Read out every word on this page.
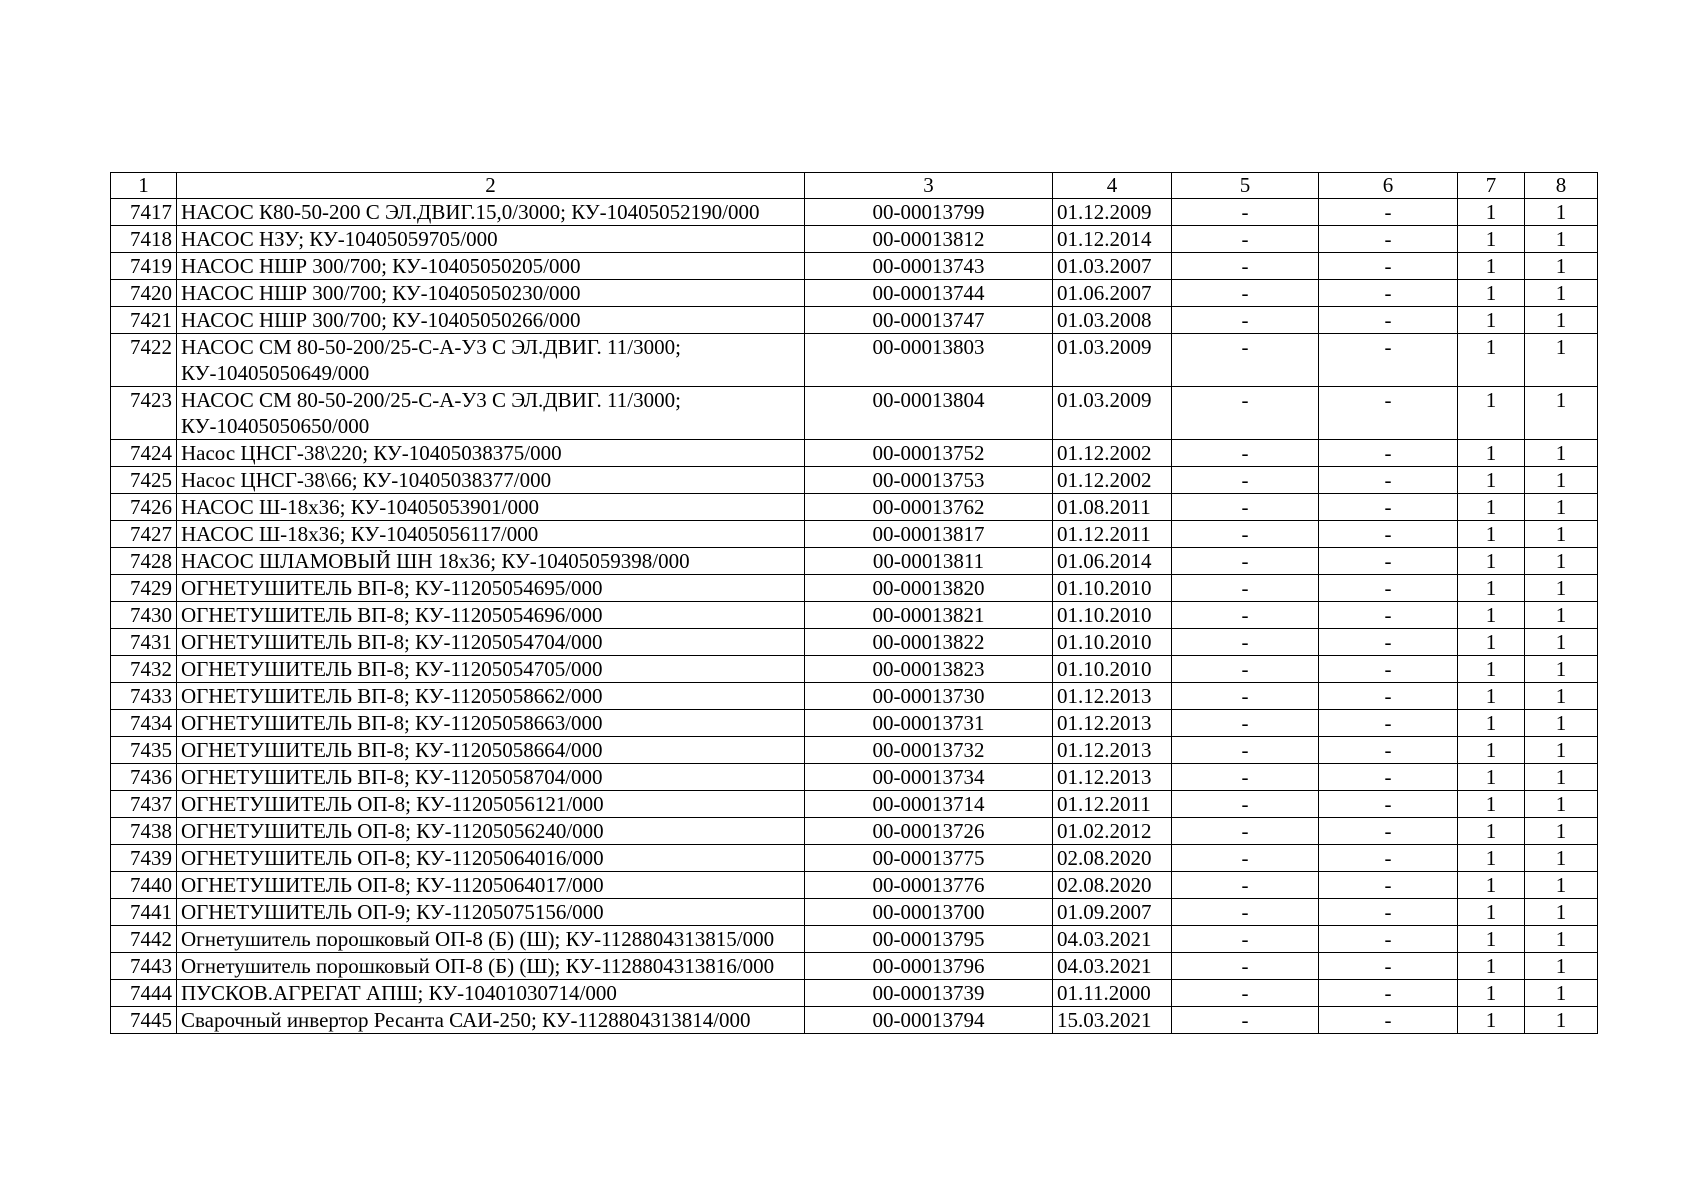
1	2	3	4	5	6	7	8
7417	НАСОС К80-50-200 С ЭЛ.ДВИГ.15,0/3000; КУ-10405052190/000	00-00013799	01.12.2009	-	-	1	1
7418	НАСОС НЗУ; КУ-10405059705/000	00-00013812	01.12.2014	-	-	1	1
7419	НАСОС НШР 300/700; КУ-10405050205/000	00-00013743	01.03.2007	-	-	1	1
7420	НАСОС НШР 300/700; КУ-10405050230/000	00-00013744	01.06.2007	-	-	1	1
7421	НАСОС НШР 300/700; КУ-10405050266/000	00-00013747	01.03.2008	-	-	1	1
7422	НАСОС СМ 80-50-200/25-С-А-У3 С ЭЛ.ДВИГ. 11/3000; КУ-10405050649/000	00-00013803	01.03.2009	-	-	1	1
7423	НАСОС СМ 80-50-200/25-С-А-У3 С ЭЛ.ДВИГ. 11/3000; КУ-10405050650/000	00-00013804	01.03.2009	-	-	1	1
7424	Насос ЦНСГ-38\220; КУ-10405038375/000	00-00013752	01.12.2002	-	-	1	1
7425	Насос ЦНСГ-38\66; КУ-10405038377/000	00-00013753	01.12.2002	-	-	1	1
7426	НАСОС Ш-18х36; КУ-10405053901/000	00-00013762	01.08.2011	-	-	1	1
7427	НАСОС Ш-18х36; КУ-10405056117/000	00-00013817	01.12.2011	-	-	1	1
7428	НАСОС ШЛАМОВЫЙ ШН 18х36; КУ-10405059398/000	00-00013811	01.06.2014	-	-	1	1
7429	ОГНЕТУШИТЕЛЬ ВП-8; КУ-11205054695/000	00-00013820	01.10.2010	-	-	1	1
7430	ОГНЕТУШИТЕЛЬ ВП-8; КУ-11205054696/000	00-00013821	01.10.2010	-	-	1	1
7431	ОГНЕТУШИТЕЛЬ ВП-8; КУ-11205054704/000	00-00013822	01.10.2010	-	-	1	1
7432	ОГНЕТУШИТЕЛЬ ВП-8; КУ-11205054705/000	00-00013823	01.10.2010	-	-	1	1
7433	ОГНЕТУШИТЕЛЬ ВП-8; КУ-11205058662/000	00-00013730	01.12.2013	-	-	1	1
7434	ОГНЕТУШИТЕЛЬ ВП-8; КУ-11205058663/000	00-00013731	01.12.2013	-	-	1	1
7435	ОГНЕТУШИТЕЛЬ ВП-8; КУ-11205058664/000	00-00013732	01.12.2013	-	-	1	1
7436	ОГНЕТУШИТЕЛЬ ВП-8; КУ-11205058704/000	00-00013734	01.12.2013	-	-	1	1
7437	ОГНЕТУШИТЕЛЬ ОП-8; КУ-11205056121/000	00-00013714	01.12.2011	-	-	1	1
7438	ОГНЕТУШИТЕЛЬ ОП-8; КУ-11205056240/000	00-00013726	01.02.2012	-	-	1	1
7439	ОГНЕТУШИТЕЛЬ ОП-8; КУ-11205064016/000	00-00013775	02.08.2020	-	-	1	1
7440	ОГНЕТУШИТЕЛЬ ОП-8; КУ-11205064017/000	00-00013776	02.08.2020	-	-	1	1
7441	ОГНЕТУШИТЕЛЬ ОП-9; КУ-11205075156/000	00-00013700	01.09.2007	-	-	1	1
7442	Огнетушитель порошковый ОП-8 (Б) (Ш); КУ-1128804313815/000	00-00013795	04.03.2021	-	-	1	1
7443	Огнетушитель порошковый ОП-8 (Б) (Ш); КУ-1128804313816/000	00-00013796	04.03.2021	-	-	1	1
7444	ПУСКОВ.АГРЕГАТ АПШ; КУ-10401030714/000	00-00013739	01.11.2000	-	-	1	1
7445	Сварочный инвертор Ресанта САИ-250; КУ-1128804313814/000	00-00013794	15.03.2021	-	-	1	1
